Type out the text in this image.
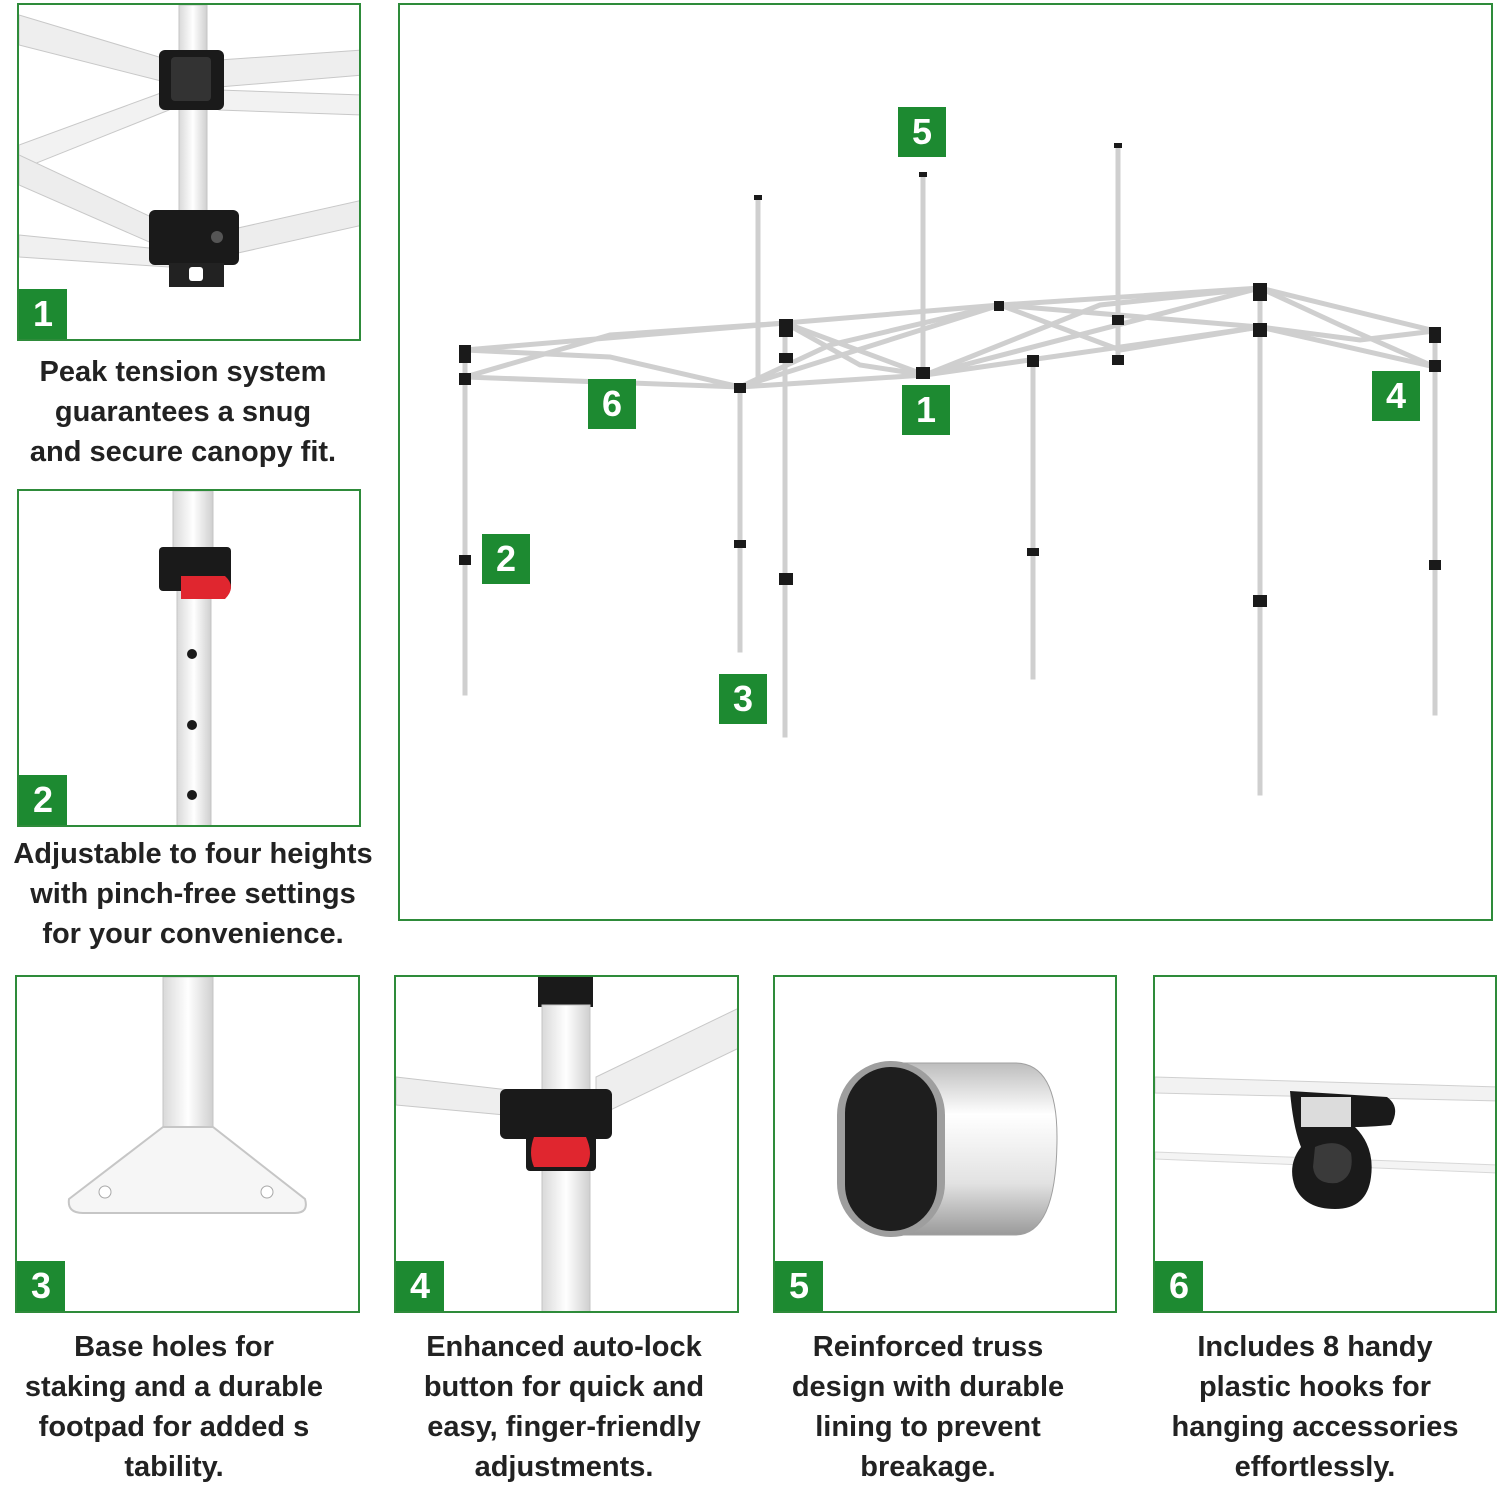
1
Peak tension system
guarantees a snug
and secure canopy fit.
2
Adjustable to four heights
with pinch-free settings
for your convenience.
5
6	1	4
2
3
3
Base holes for
staking and a durable
footpad for added s
tability.
4
Enhanced auto-lock
button for quick and
easy, finger-friendly
adjustments.
5
Reinforced truss
design with durable
lining to prevent
breakage.
6
Includes 8 handy
plastic hooks for
hanging accessories
effortlessly.
